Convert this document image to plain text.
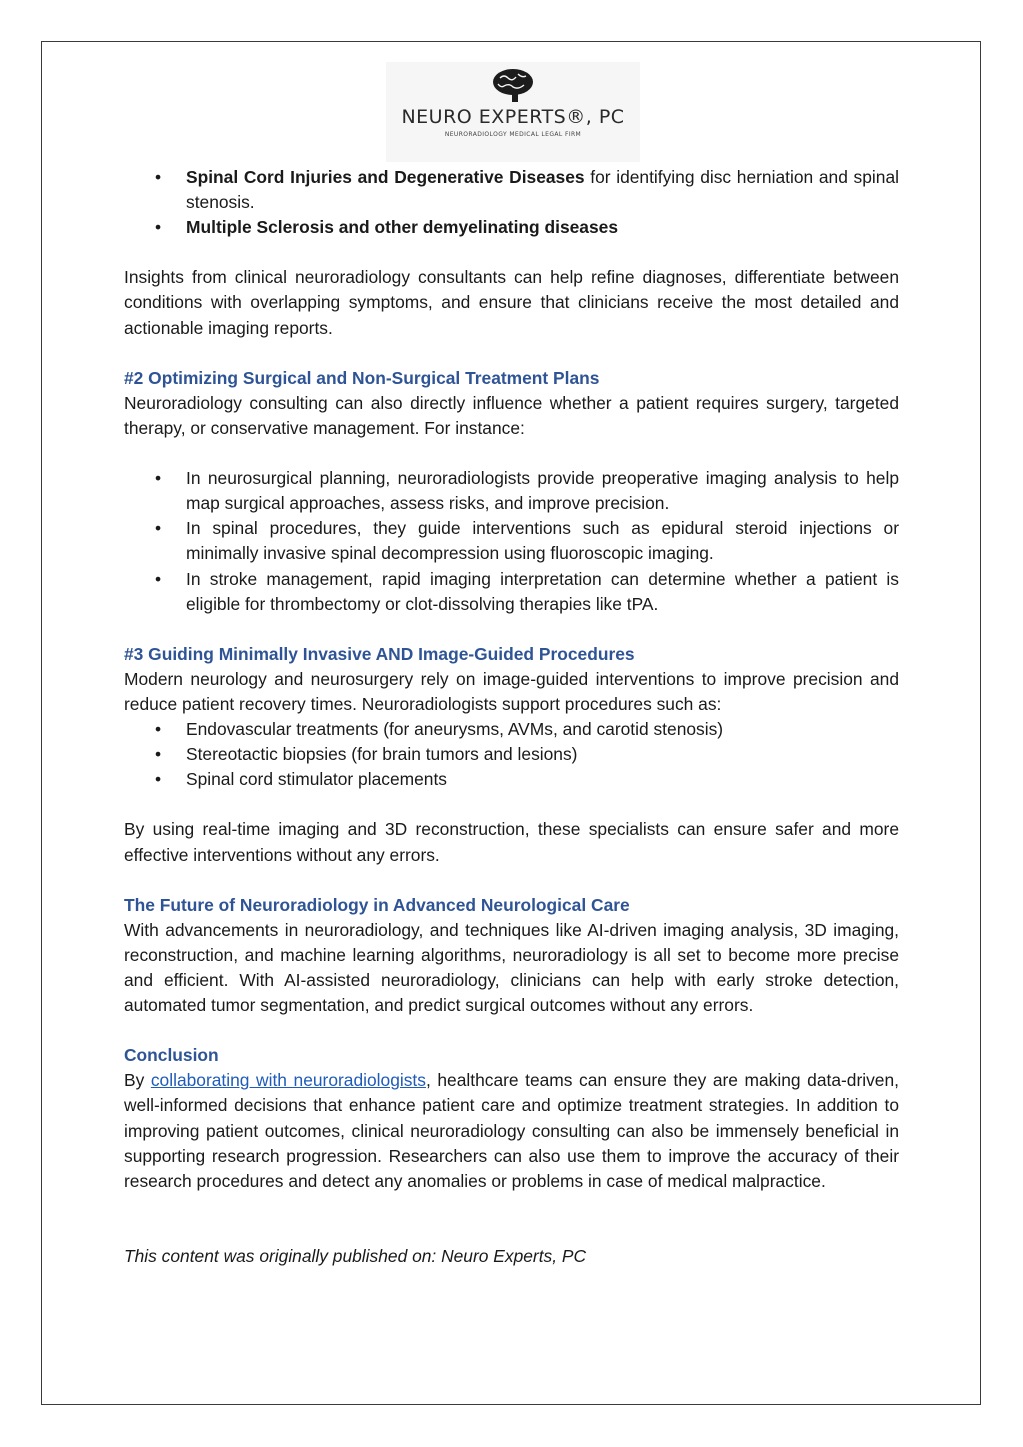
NEURO EXPERTS®, PC
NEURORADIOLOGY MEDICAL LEGAL FIRM
• Spinal Cord Injuries and Degenerative Diseases for identifying disc herniation and spinal stenosis.
• Multiple Sclerosis and other demyelinating diseases

Insights from clinical neuroradiology consultants can help refine diagnoses, differentiate between conditions with overlapping symptoms, and ensure that clinicians receive the most detailed and actionable imaging reports.

#2 Optimizing Surgical and Non-Surgical Treatment Plans

Neuroradiology consulting can also directly influence whether a patient requires surgery, targeted therapy, or conservative management. For instance:

• In neurosurgical planning, neuroradiologists provide preoperative imaging analysis to help map surgical approaches, assess risks, and improve precision.
• In spinal procedures, they guide interventions such as epidural steroid injections or minimally invasive spinal decompression using fluoroscopic imaging.
• In stroke management, rapid imaging interpretation can determine whether a patient is eligible for thrombectomy or clot-dissolving therapies like tPA.

#3 Guiding Minimally Invasive AND Image-Guided Procedures

Modern neurology and neurosurgery rely on image-guided interventions to improve precision and reduce patient recovery times. Neuroradiologists support procedures such as:

• Endovascular treatments (for aneurysms, AVMs, and carotid stenosis)
• Stereotactic biopsies (for brain tumors and lesions)
• Spinal cord stimulator placements

By using real-time imaging and 3D reconstruction, these specialists can ensure safer and more effective interventions without any errors.

The Future of Neuroradiology in Advanced Neurological Care

With advancements in neuroradiology, and techniques like AI-driven imaging analysis, 3D imaging, reconstruction, and machine learning algorithms, neuroradiology is all set to become more precise and efficient. With AI-assisted neuroradiology, clinicians can help with early stroke detection, automated tumor segmentation, and predict surgical outcomes without any errors.

Conclusion

By collaborating with neuroradiologists, healthcare teams can ensure they are making data-driven, well-informed decisions that enhance patient care and optimize treatment strategies. In addition to improving patient outcomes, clinical neuroradiology consulting can also be immensely beneficial in supporting research progression. Researchers can also use them to improve the accuracy of their research procedures and detect any anomalies or problems in case of medical malpractice.

This content was originally published on: Neuro Experts, PC
